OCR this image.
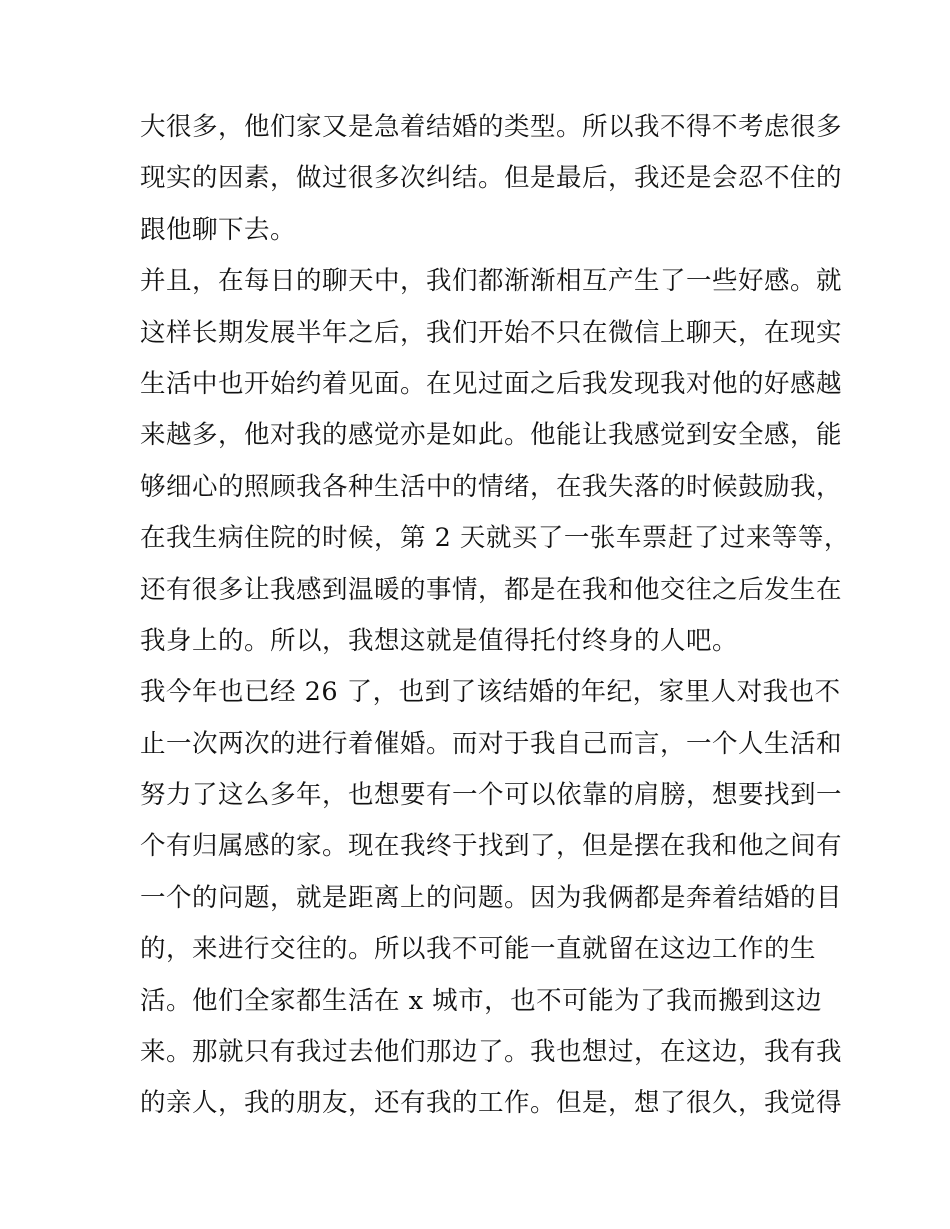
大很多，他们家又是急着结婚的类型。所以我不得不考虑很多
现实的因素，做过很多次纠结。但是最后，我还是会忍不住的
跟他聊下去。
并且，在每日的聊天中，我们都渐渐相互产生了一些好感。就
这样长期发展半年之后，我们开始不只在微信上聊天，在现实
生活中也开始约着见面。在见过面之后我发现我对他的好感越
来越多，他对我的感觉亦是如此。他能让我感觉到安全感，能
够细心的照顾我各种生活中的情绪，在我失落的时候鼓励我，
在我生病住院的时候，第 2 天就买了一张车票赶了过来等等，
还有很多让我感到温暖的事情，都是在我和他交往之后发生在
我身上的。所以，我想这就是值得托付终身的人吧。
我今年也已经 26 了，也到了该结婚的年纪，家里人对我也不
止一次两次的进行着催婚。而对于我自己而言，一个人生活和
努力了这么多年，也想要有一个可以依靠的肩膀，想要找到一
个有归属感的家。现在我终于找到了，但是摆在我和他之间有
一个的问题，就是距离上的问题。因为我俩都是奔着结婚的目
的，来进行交往的。所以我不可能一直就留在这边工作的生
活。他们全家都生活在 x 城市，也不可能为了我而搬到这边
来。那就只有我过去他们那边了。我也想过，在这边，我有我
的亲人，我的朋友，还有我的工作。但是，想了很久，我觉得
